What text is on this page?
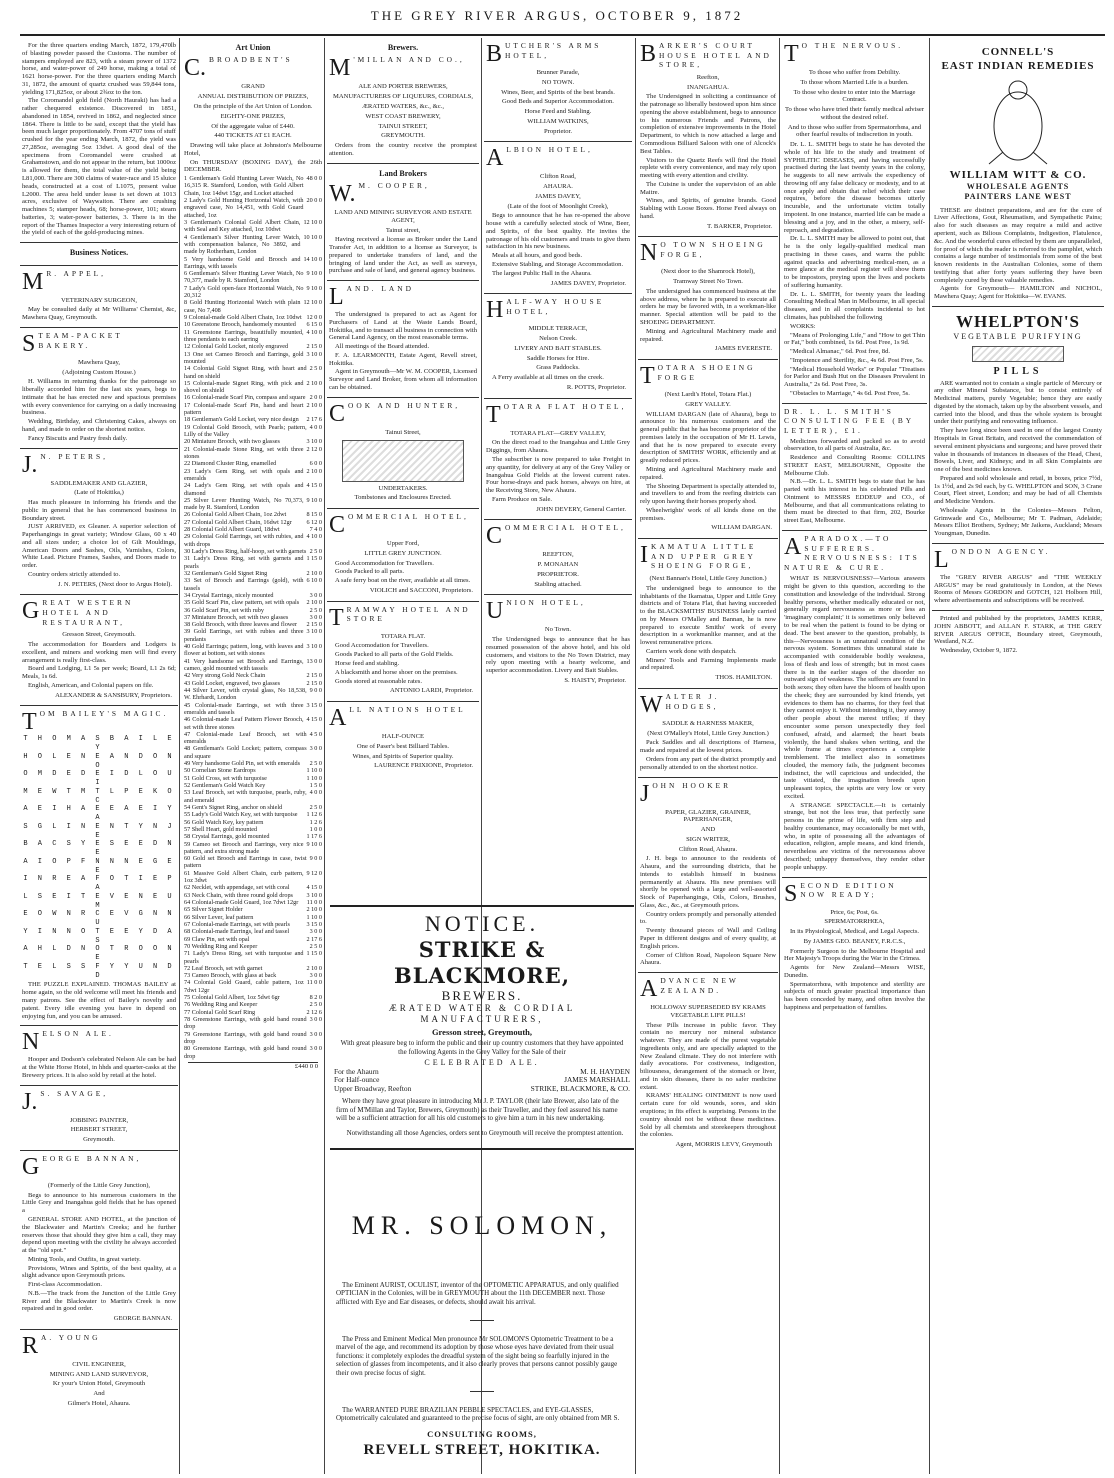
THE GREY RIVER ARGUS, OCTOBER 9, 1872
For the three quarters ending March, 1872, 179,470lb of blasting powder passed the Customs. The number of stampers employed are 823, with a steam power of 1372 horse, and water-power of 249 horse, making a total of 1621 horse-power. For the three quarters ending March 31, 1872, the amount of quartz crushed was 59,844 tons, yielding 171,825oz, or about 2¾oz to the ton.
The Coromandel gold field (North Hauraki) has had a rather chequered existence. Discovered in 1851, abandoned in 1854, revived in 1862, and neglected since 1864. There is little to be said, except that the yield has been much larger proportionately. From 4707 tons of stuff crushed for the year ending March, 1872, the yield was 27,285oz, averaging 5oz 13dwt. A good deal of the specimens from Coromandel were crushed at Grahamstown, and do not appear in the return, but 1000oz is allowed for them, the total value of the yield being L81,000. There are 300 claims of water-race and 15 sluice heads, constructed at a cost of L1075, present value L2000. The area held under lease is set down at 1013 acres, exclusive of Waywaiton. There are crushing machines 5; stamper heads, 68; horse-power, 101; steam batteries, 3; water-power batteries, 3. There is in the report of the Thames Inspector a very interesting return of the yield of each of the gold-producing mines.
Business Notices.
M R. APPEL,
VETERINARY SURGEON,
May be consulted daily at Mr Williams' Chemist, &c, Mawhera Quay, Greymouth.
STEAM-PACKET BAKERY.
Mawhera Quay,
(Adjoining Custom House.)
H. Williams in returning thanks for the patronage so liberally accorded him for the last six years, begs to intimate that he has erected new and spacious premises with every convenience for carrying on a daily increasing business.
Wedding, Birthday, and Christening Cakes, always on hand, and made to order on the shortest notice.
Fancy Biscuits and Pastry fresh daily.
J. N. PETERS,
SADDLEMAKER AND GLAZIER,
(Late of Hokitika,)
Has much pleasure in informing his friends and the public in general that he has commenced business in Boundary street.
JUST ARRIVED, ex Gleaner. A superior selection of Paperhangings in great variety; Window Glass, 60 x 40 and all sizes under; a choice lot of Gilt Mouldings, American Doors and Sashes, Oils, Varnishes, Colors, White Lead. Picture Frames, Sashes, and Doors made to order.
Country orders strictly attended to.
J. N. PETERS, (Next door to Argus Hotel).
GREAT WESTERN HOTEL AND RESTAURANT,
Gresson Street, Greymouth.
The accommodation for Boarders and Lodgers is excellent, and miners and working men will find every arrangement is really first-class.
Board and Lodging, L1 5s per week; Board, L1 2s 6d; Meals, 1s 6d.
English, American, and Colonial papers on file.
ALEXANDER & SANSBURY, Proprietors.
TOM BAILEY'S MAGIC.
T H O M A S B A I L E Y
H O L E N E A N D O N O
O M D E D E I D L O U I
M E W T M T L P E K O C
A E I H A E E A E I Y A
S G L I N E N T Y N J E
B A C S Y E S E E D N E
A I O P F N N N E G E E
I N R E A F O T I E P A
L S E I T E V E N E U M
E O W N R C E V G N N U
Y I N N O T E E Y D A S
A H L D N O T R O O N E
T E L S S F Y Y U N D D
THE PUZZLE EXPLAINED. THOMAS BAILEY at home again, so the old welcome will meet his friends and many patrons. See the effect of Bailey's novelty and patent. Every idle evening you have in depend on enjoying fun, and you can be amused.
NELSON ALE.
Hooper and Dodson's celebrated Nelson Ale can be had at the White Horse Hotel, in hhds and quarter-casks at the Brewery prices. It is also sold by retail at the hotel.
J. S. SAVAGE,
JOBBING PAINTER,
HERBERT STREET,
Greymouth.
GEORGE BANNAN,
(Formerly of the Little Grey Junction),
Begs to announce to his numerous customers in the Little Grey and Inangahua gold fields that he has opened a
GENERAL STORE AND HOTEL, at the junction of the Blackwater and Martin's Creeks; and he further reserves those that should they give him a call, they may depend upon meeting with the civility he always accorded at the "old spot."
Mining Tools, and Outfits, in great variety.
Provisions, Wines and Spirits, of the best quality, at a slight advance upon Greymouth prices.
First-class Accommodation.
N.B.—The track from the Junction of the Little Grey River and the Blackwater to Martin's Creek is now repaired and in good order.
GEORGE BANNAN.
R A. YOUNG
CIVIL ENGINEER,
MINING AND LAND SURVEYOR,
Kr your's Union Hotel, Greymouth
And
Gilmer's Hotel, Ahaura.
Art Union
C. BROADBENT'S
GRAND
ANNUAL DISTRIBUTION OF PRIZES,
On the principle of the Art Union of London.
EIGHTY-ONE PRIZES,
Of the aggregate value of £440.
440 TICKETS AT £1 EACH.
Drawing will take place at Johnston's Melbourne Hotel,
On THURSDAY (BOXING DAY), the 26th DECEMBER.
1 Gentleman's Gold Hunting Lever Watch, No 16,315 R. Stamford, London, with Gold Albert Chain, 1oz 14dwt 15gr, and Locket attached
48 0 0
2 Lady's Gold Hunting Horizontal Watch, with engraved case, No 14,451, with Gold Guard attached, 1oz
20 0 0
3 Gentleman's Colonial Gold Albert Chain, with Seal and Key attached, 1oz 10dwt
12 10 0
4 Gentleman's Silver Hunting Lever Watch, with compensation balance, No 3892, and made by Rotherham, London
10 10 0
5 Very handsome Gold and Brooch and Earrings, with tassels
14 10 0
6 Gentleman's Silver Hunting Lever Watch, No 70,377, made by R. Stamford, London
9 10 0
7 Lady's Gold open-face Horizontal Watch, No 20,312
9 10 0
8 Gold Hunting Horizontal Watch with plain case, No 7,408
12 10 0
9 Colonial-made Gold Albert Chain, 1oz 10dwt 12 0 0
10 Greenstone Brooch, handsomely mounted	6 15 0
11 Greenstone Earrings, beautifully mounted, three pendants to each earring
4 10 0
12 Colonial Gold Locket, nicely engraved	2 15 0
13 One set Cameo Brooch and Earrings, gold mounted
3 10 0
14 Colonial Gold Signet Ring, with heart and hand on shield
2 5 0
15 Colonial-made Signet Ring, with pick and shovel on shield
2 10 0
16 Colonial-made Scarf Pin, compass and square 2 0 0
17 Colonial-made Scarf Pin, hand and heart pattern
2 10 0
18 Gentleman's Gold Locket, very nice design	2 17 6
19 Colonial Gold Brooch, with Pearls; pattern, Lilly of the Valley
4 0 0
20 Miniature Brooch, with two glasses	3 10 0
21 Colonial-made Stone Ring, set with three stones
2 12 0
22 Diamond Cluster Ring, enamelled	6 0 0
23 Lady's Gem Ring, set with opals and emeralds
2 10 0
24 Lady's Gem Ring, set with opals and diamond
4 15 0
25 Silver Lever Hunting Watch, No 70,373, made by R. Stamford, London
9 10 0
26 Colonial Gold Albert Chain, 1oz 2dwt	8 15 0
27 Colonial Gold Albert Chain, 16dwt 12gr	6 12 0
28 Colonial Gold Albert Guard, 18dwt	7 4 0
29 Colonial Gold Earrings, set with rubies, and with drops
4 10 0
30 Lady's Dress Ring, half-hoop, set with garnets 2 5 0
31 Lady's Dress Ring, set with garnets and pearls
1 15 0
32 Gentleman's Gold Signet Ring	2 10 0
33 Set of Brooch and Earrings (gold), with tassels
6 10 0
34 Crystal Earrings, nicely mounted	3 0 0
35 Gold Scarf Pin, claw pattern, set with opals	2 10 0
36 Gold Scarf Pin, set with ruby	2 5 0
37 Miniature Brooch, set with two glasses	3 0 0
38 Gold Brooch, with three leaves and flower	2 15 0
39 Gold Earrings, set with rubies and three pendants
3 10 0
40 Gold Earrings; pattern, long, with leaves and flower at bottom, set with stones
3 10 0
41 Very handsome set Brooch and Earrings, cameo, gold mounted with tassels
13 0 0
42 Very strong Gold Neck Chain	2 15 0
43 Gold Locket, engraved, two glasses	2 15 0
44 Silver Lever, with crystal glass, No 18,538, W. Ehrhardt, London
9 0 0
45 Colonial-made Earrings, set with three emeralds and tassels
3 15 0
46 Colonial-made Leaf Pattern Flower Brooch, set with three stones
4 15 0
47 Colonial-made Leaf Brooch, set with emeralds
4 5 0
48 Gentleman's Gold Locket; pattern, compass and square
3 0 0
49 Very handsome Gold Pin, set with emeralds	2 5 0
50 Cornelian Stone Eardrops	1 10 0
51 Gold Cross, set with turquoise	1 10 0
52 Gentleman's Gold Watch Key	1 5 0
53 Leaf Brooch, set with turquoise, pearls, ruby, and emerald
4 0 0
54 Gent's Signet Ring, anchor on shield	2 5 0
55 Lady's Gold Watch Key, set with turquoise	1 12 6
56 Gold Watch Key, key pattern	1 2 6
57 Shell Heart, gold mounted	1 0 0
58 Crystal Earrings, gold mounted	1 17 6
59 Cameo set Brooch and Earrings, very nice pattern, and extra strong made
9 10 0
60 Gold set Brooch and Earrings in case, twist pattern
9 0 0
61 Massive Gold Albert Chain, curb pattern, 1oz 3dwt
9 12 0
62 Necklet, with appendage, set with coral	4 15 0
63 Neck Chain, with three round gold drops	3 10 0
64 Colonial-made Gold Guard, 1oz 7dwt 12gr	11 0 0
65 Silver Signet Holder	2 10 0
66 Silver Lever, leaf pattern	1 10 0
67 Colonial-made Earrings, set with pearls	3 15 0
68 Colonial-made Earrings, leaf and tassel	3 0 0
69 Claw Pin, set with opal	2 17 6
70 Wedding Ring and Keeper	2 5 0
71 Lady's Dress Ring, set with turquoise and pearls
1 15 0
72 Leaf Brooch, set with garnet	2 10 0
73 Cameo Brooch, with glass at back	3 0 0
74 Colonial Gold Guard, cable pattern, 1oz 7dwt 12gr
11 0 0
75 Colonial Gold Albert, 1oz 5dwt 6gr	8 2 0
76 Wedding Ring and Keeper	2 5 0
77 Colonial Gold Scarf Ring	2 12 6
78 Greenstone Earrings, with gold band round drop
3 0 0
79 Greenstone Earrings, with gold band round drop
3 0 0
80 Greenstone Earrings, with gold band round drop
3 0 0
£440 0 0
Brewers.
M 'MILLAN AND CO.,
ALE AND PORTER BREWERS,
MANUFACTURERS OF LIQUEURS, CORDIALS,
ÆRATED WATERS, &c., &c.,
WEST COAST BREWERY,
TAINUI STREET,
GREYMOUTH.
Orders from the country receive the promptest attention.
Land Brokers
W. M. COOPER,
LAND AND MINING SURVEYOR AND ESTATE AGENT,
Tainui street,
Having received a license as Broker under the Land Transfer Act, in addition to a license as Surveyor, is prepared to undertake transfers of land, and the bringing of land under the Act, as well as surveys, purchase and sale of land, and general agency business.
LAND. LAND
The undersigned is prepared to act as Agent for Purchasers of Land at the Waste Lands Board, Hokitika, and to transact all business in connection with General Land Agency, on the most reasonable terms.
All meetings of the Board attended.
F. A. LEARMONTH, Estate Agent, Revell street, Hokitika.
Agent in Greymouth—Mr W. M. COOPER, Licensed Surveyor and Land Broker, from whom all information can be obtained.
COOK AND HUNTER,
Tainui Street,
UNDERTAKERS.
Tombstones and Enclosures Erected.
COMMERCIAL HOTEL,
Upper Ford,
LITTLE GREY JUNCTION.
Good Accommodation for Travellers.
Goods Packed to all parts.
A safe ferry boat on the river, available at all times.
VIOLICH and SACCONI, Proprietors.
TRAMWAY HOTEL AND STORE
TOTARA FLAT.
Good Accomodation for Travellers.
Goods Packed to all parts of the Gold Fields.
Horse feed and stabling.
A blacksmith and horse shoer on the premises.
Goods stored at reasonable rates.
ANTONIO LARDI, Proprietor.
ALL NATIONS HOTEL
HALF-OUNCE
One of Paser's best Billiard Tables.
Wines, and Spirits of Superior quality.
LAURENCE FRIXIONE, Proprietor.
BUTCHER'S ARMS HOTEL,
Brunner Parade,
NO TOWN.
Wines, Beer, and Spirits of the best brands.
Good Beds and Superior Accommodation.
Horse Feed and Stabling.
WILLIAM WATKINS,
Proprietor.
ALBION HOTEL,
Clifton Road,
AHAURA.
JAMES DAVEY,
(Late of the foot of Moonlight Creek),
Begs to announce that he has re-opened the above house with a carefully selected stock of Wine, Beer, and Spirits, of the best quality. He invites the patronage of his old customers and trusts to give them satisfaction in his new business.
Meals at all hours, and good beds.
Extensive Stabling, and Storage Accommodation.
The largest Public Hall in the Ahaura.
JAMES DAVEY, Proprietor.
HALF-WAY HOUSE HOTEL,
MIDDLE TERRACE,
Nelson Creek.
LIVERY AND BAIT STABLES.
Saddle Horses for Hire.
Grass Paddocks.
A Ferry available at all times on the creek.
R. POTTS, Proprietor.
TOTARA FLAT HOTEL,
TOTARA FLAT—GREY VALLEY,
On the direct road to the Inangahua and Little Grey Diggings, from Ahaura.
The subscriber is now prepared to take Freight in any quantity, for delivery at any of the Grey Valley or Inangahua Gold Fields at the lowest current rates. Four horse-drays and pack horses, always on hire, at the Receiving Store, New Ahaura.
Farm Produce on Sale.
JOHN DEVERY, General Carrier.
COMMERCIAL HOTEL,
REEFTON,
P. MONAHAN
PROPRIETOR.
Stabling attached.
UNION HOTEL,
No Town.
The Undersigned begs to announce that he has resumed possession of the above hotel, and his old customers, and visitors to the No Town District, may rely upon meeting with a hearty welcome, and superior accommodation. Livery and Bait Stables.
S. HAISTY, Proprietor.
BARKER'S COURT HOUSE HOTEL AND STORE,
Reefton,
INANGAHUA.
The Undersigned in soliciting a continuance of the patronage so liberally bestowed upon him since opening the above establishment, begs to announce to his numerous Friends and Patrons, the completion of extensive improvements in the Hotel Department, to which is now attached a large and Commodious Billiard Saloon with one of Alcock's Best Tables.
Visitors to the Quartz Reefs will find the Hotel replete with every convenience, and may rely upon meeting with every attention and civility.
The Cuisine is under the supervision of an able Maitre.
Wines, and Spirits, of genuine brands. Good Stabling with Loose Boxes. Horse Feed always on hand.
T. BARKER, Proprietor.
N O TOWN SHOEING FORGE,
(Next door to the Shamrock Hotel),
Tramway Street No Town.
The undersigned has commenced business at the above address, where he is prepared to execute all orders he may be favored with, in a workman-like manner. Special attention will be paid to the SHOEING DEPARTMENT.
Mining and Agricultural Machinery made and repaired.
JAMES EVERESTE.
TOTARA SHOEING FORGE
(Next Lardi's Hotel, Totara Flat.)
GREY VALLEY.
WILLIAM DARGAN (late of Ahaura), begs to announce to his numerous customers and the general public that he has become proprietor of the premises lately in the occupation of Mr H. Lewis, and that he is now prepared to execute every description of SMITHS' WORK, efficiently and at greatly reduced prices.
Mining and Agricultural Machinery made and repaired.
The Shoeing Department is specially attended to, and travellers to and from the reefing districts can rely upon having their horses properly shod.
Wheelwrights' work of all kinds done on the premises.
WILLIAM DARGAN.
IKAMATUA LITTLE AND UPPER GREY SHOEING FORGE,
(Next Bannan's Hotel, Little Grey Junction.)
The undersigned begs to announce to the inhabitants of the Ikamatua, Upper and Little Grey districts and of Totara Flat, that having succeeded to the BLACKSMITHS' BUSINESS lately carried on by Messrs O'Malley and Bannan, he is now prepared to execute Smiths' work of every description in a workmanlike manner, and at the lowest remunerative prices.
Carriers work done with despatch.
Miners' Tools and Farming Implements made and repaired.
THOS. HAMILTON.
WALTER J. HODGES,
SADDLE & HARNESS MAKER,
(Next O'Malley's Hotel, Little Grey Junction.)
Pack Saddles and all descriptions of Harness, made and repaired at the lowest prices.
Orders from any part of the district promptly and personally attended to on the shortest notice.
JOHN HOOKER
PAPER, GLAZIER, GRAINER, PAPERHANGER,
AND
SIGN WRITER,
Clifton Road, Ahaura.
J. H. begs to announce to the residents of Ahaura, and the surrounding districts, that he intends to establish himself in business permanently at Ahaura. His new premises will shortly be opened with a large and well-assorted Stock of Paperhangings, Oils, Colors, Brushes, Glass, &c., &c., at Greymouth prices.
Country orders promptly and personally attended to.
Twenty thousand pieces of Wall and Ceiling Paper in different designs and of every quality, at English prices.
Corner of Clifton Road, Napoleon Square New Ahaura.
ADVANCE NEW ZEALAND.
HOLLOWAY SUPERSEDED BY KRAMS VEGETABLE LIFE PILLS!
These Pills increase in public favor. They contain no mercury nor mineral substance whatever. They are made of the purest vegetable ingredients only, and are specially adapted to the New Zealand climate. They do not interfere with daily avocations. For costiveness, indigestion, biliousness, derangement of the stomach or liver, and in skin diseases, there is no safer medicine extant.
KRAMS' HEALING OINTMENT is now used certain cure for old wounds, sores, and skin eruptions; in fits effect is surprising. Persons in the country should not be without these medicines. Sold by all chemists and storekeepers throughout the colonies.
Agent, MORRIS LEVY, Greymouth
T O THE NERVOUS.
To those who suffer from Debility.
To those whom Married Life is a burden.
To those who desire to enter into the Marriage Contract.
To those who have tried their family medical adviser without the desired relief.
And to those who suffer from Spermatorrhœa, and other fearful results of indiscretion in youth.
Dr. L. L. SMITH begs to state he has devoted the whole of his life to the study and treatment of SYPHILITIC DISEASES, and having successfully practised during the last twenty years in the colony, he suggests to all new arrivals the expediency of throwing off any false delicacy or modesty, and to at once apply and obtain that relief which their case requires, before the disease becomes utterly incurable, and the unfortunate victim totally impotent. In one instance, married life can be made a blessing and a joy, and in the other, a misery, self-reproach, and degradation.
Dr. L. L. SMITH may be allowed to point out, that he is the only legally-qualified medical man practising in these cases, and warns the public against quacks and advertising medical-men, as a mere glance at the medical register will show them to be impostors, preying upon the lives and pockets of suffering humanity.
Dr. L. L. SMITH, for twenty years the leading Consulting Medical Man in Melbourne, in all special diseases, and in all complaints incidental to hot climates, has published the following
WORKS:
"Means of Prolonging Life," and "How to get Thin or Fat," both combined, 1s 6d. Post Free, 1s 9d.
"Medical Almanac," 6d. Post free, 8d.
"Impotence and Sterility, &c., 4s 6d. Post Free, 5s.
"Medical Household Works" or Popular "Treatises for Parlor and Bush Hut on the Diseases Prevalent in Australia," 2s 6d. Post Free, 3s.
"Obstacles to Marriage," 4s 6d. Post Free, 5s.
DR. L. L. SMITH'S CONSULTING FEE (BY LETTER), £1.
Medicines forwarded and packed so as to avoid observation, to all parts of Australia, &c.
Residence and Consulting Rooms: COLLINS STREET EAST, MELBOURNE, Opposite the Melbourne Club.
N.B.—Dr. L. L. SMITH begs to state that he has parted with his interest in his celebrated Pills and Ointment to MESSRS EDDEUP and CO., of Melbourne, and that all communications relating to them must be directed to that firm, 202, Bourke street East, Melbourne.
APARADOX.—TO SUFFERERS. NERVOUSNESS: ITS NATURE & CURE.
WHAT IS NERVOUSNESS?—Various answers might be given to this question, according to the constitution and knowledge of the individual. Strong healthy persons, whether medically educated or not, generally regard nervousness as more or less an 'imaginary complaint;' it is sometimes only believed to be real when the patient is found to be dying or dead. The best answer to the question, probably, is this—Nervousness is an unnatural condition of the nervous system. Sometimes this unnatural state is accompanied with considerable bodily weakness, loss of flesh and loss of strength; but in most cases there is in the earlier stages of the disorder no outward sign of weakness. The sufferers are found in both sexes; they often have the bloom of health upon the cheek; they are surrounded by kind friends, yet evidences to them has no charms, for they feel that they cannot enjoy it. Without intending it, they annoy other people about the merest trifles; if they encounter some person unexpectedly they feel confused, afraid, and alarmed; the heart beats violently, the hand shakes when writing, and the whole frame at times experiences a complete tremblement. The intellect also in sometimes clouded, the memory fails, the judgment becomes indistinct, the will capricious and undecided, the taste vitiated, the imagination breeds upon unpleasant topics, the spirits are very low or very excited.
A STRANGE SPECTACLE.—It is certainly strange, but not the less true, that perfectly sane persons in the prime of life, with firm step and healthy countenance, may occasionally be met with, who, in spite of possessing all the advantages of education, religion, ample means, and kind friends, nevertheless are victims of the nervousness above described; unhappy themselves, they render other people unhappy.
SECOND EDITION NOW READY;
Price, 6s; Post, 6s.
SPERMATORRHŒA,
In its Physiological, Medical, and Legal Aspects.
By JAMES GEO. BEANEY, F.R.C.S.,
Formerly Surgeon to the Melbourne Hospital and Her Majesty's Troops during the War in the Crimea.
Agents for New Zealand—Messrs WISE, Dunedin.
Spermatorrhœa, with impotence and sterility are subjects of much greater practical importance than has been conceded by many, and often involve the happiness and perpetuation of families.
CONNELL'S
EAST INDIAN REMEDIES
WILLIAM WITT & CO.
WHOLESALE AGENTS
PAINTERS LANE WEST
THESE are distinct preparations, and are for the cure of Liver Affections, Gout, Rheumatism, and Sympathetic Pains; also for such diseases as may require a mild and active aperient, such as Bilious Complaints, Indigestion, Flatulence, &c. And the wonderful cures effected by them are unparalleled, for proof of which the reader is referred to the pamphlet, which contains a large number of testimonials from some of the best known residents in the Australian Colonies, some of them testifying that after forty years suffering they have been completely cured by these valuable remedies.
Agents for Greymouth— HAMILTON and NICHOL, Mawhera Quay; Agent for Hokitika—W. EVANS.
WHELPTON'S
VEGETABLE PURIFYING
PILLS
ARE warranted not to contain a single particle of Mercury or any other Mineral Substance, but to consist entirely of Medicinal matters, purely Vegetable; hence they are easily digested by the stomach, taken up by the absorbent vessels, and carried into the blood, and thus the whole system is brought under their purifying and renovating influence.
They have long since been used in one of the largest County Hospitals in Great Britain, and received the commendation of several eminent physicians and surgeons; and have proved their value in thousands of instances in diseases of the Head, Chest, Bowels, Liver, and Kidneys; and in all Skin Complaints are one of the best medicines known.
Prepared and sold wholesale and retail, in boxes, price 7½d, 1s 1½d, and 2s 9d each, by G. WHELPTON and SON, 3 Crane Court, Fleet street, London; and may be had of all Chemists and Medicine Vendors.
Wholesale Agents in the Colonies—Messrs Felton, Grimwade and Co., Melbourne; Mr T. Padman, Adelaide; Messrs Elliot Brothers, Sydney; Mr Jaikens, Auckland; Messrs Youngman, Dunedin.
LONDON AGENCY.
The "GREY RIVER ARGUS" and "THE WEEKLY ARGUS" may be read gratuitously in London, at the News Rooms of Messrs GORDON and GOTCH, 121 Holborn Hill, where advertisements and subscriptions will be received.
Printed and published by the proprietors, JAMES KERR, JOHN ABBOTT, and ALLAN F. STARK, at THE GREY RIVER ARGUS OFFICE, Boundary street, Greymouth, Westland, N.Z.
Wednesday, October 9, 1872.
NOTICE.
STRIKE & BLACKMORE,
BREWERS.
ÆRATED WATER & CORDIAL MANUFACTURERS,
Gresson street, Greymouth,
With great pleasure beg to inform the public and their up country customers that they have appointed the following Agents in the Grey Valley for the Sale of their
CELEBRATED ALE.
For the Ahaurn	M. H. HAYDEN
For Half-ounce	JAMES MARSHALL
Upper Broadway, Reefton	STRIKE, BLACKMORE, & CO.
Where they have great pleasure in introducing Mr J. P. TAYLOR (their late Brewer, also late of the firm of M'Millan and Taylor, Brewers, Greymouth) as their Traveller, and they feel assured his name will be a sufficient attraction for all his old customers to give him a turn in his new undertaking.
Notwithstanding all those Agencies, orders sent to Greymouth will receive the promptest attention.
MR. SOLOMON,
The Eminent AURIST, OCULIST, inventor of the OPTOMETIC APPARATUS, and only qualified OPTICIAN in the Colonies, will be in GREYMOUTH about the 11th DECEMBER next. Those afflicted with Eye and Ear diseases, or defects, should await his arrival.
The Press and Eminent Medical Men pronounce Mr SOLOMON'S Optometric Treatment to be a marvel of the age, and recommend its adoption by those whose eyes have deviated from their usual functions: it completely explodes the dreadful system of the sight being so fearfully injured in the selection of glasses from incompetents, and it also clearly proves that persons cannot possibly gauge their own precise focus of sight.
The WARRANTED PURE BRAZILIAN PEBBLE SPECTACLES, and EYE-GLASSES, Optometrically calculated and guaranteed to the precise focus of sight, are only obtained from MR S.
CONSULTING ROOMS,
REVELL STREET, HOKITIKA.
